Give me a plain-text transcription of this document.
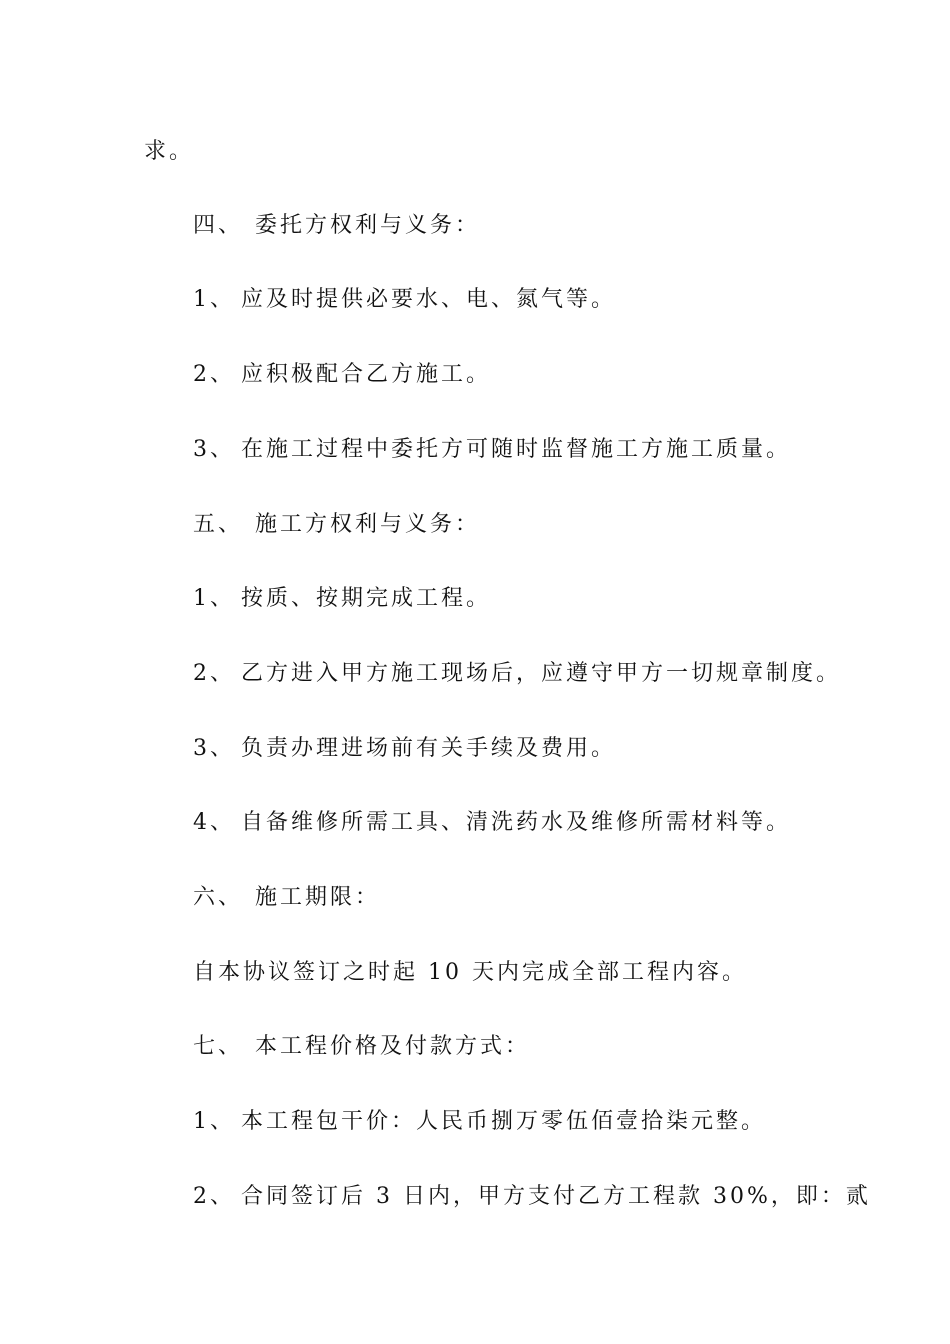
求。
四、 委托方权利与义务：
1、 应及时提供必要水、电、氮气等。
2、 应积极配合乙方施工。
3、 在施工过程中委托方可随时监督施工方施工质量。
五、 施工方权利与义务：
1、 按质、按期完成工程。
2、 乙方进入甲方施工现场后，应遵守甲方一切规章制度。
3、 负责办理进场前有关手续及费用。
4、 自备维修所需工具、清洗药水及维修所需材料等。
六、 施工期限：
自本协议签订之时起 10 天内完成全部工程内容。
七、 本工程价格及付款方式：
1、 本工程包干价：人民币捌万零伍佰壹拾柒元整。
2、 合同签订后 3 日内，甲方支付乙方工程款 30%，即：贰
